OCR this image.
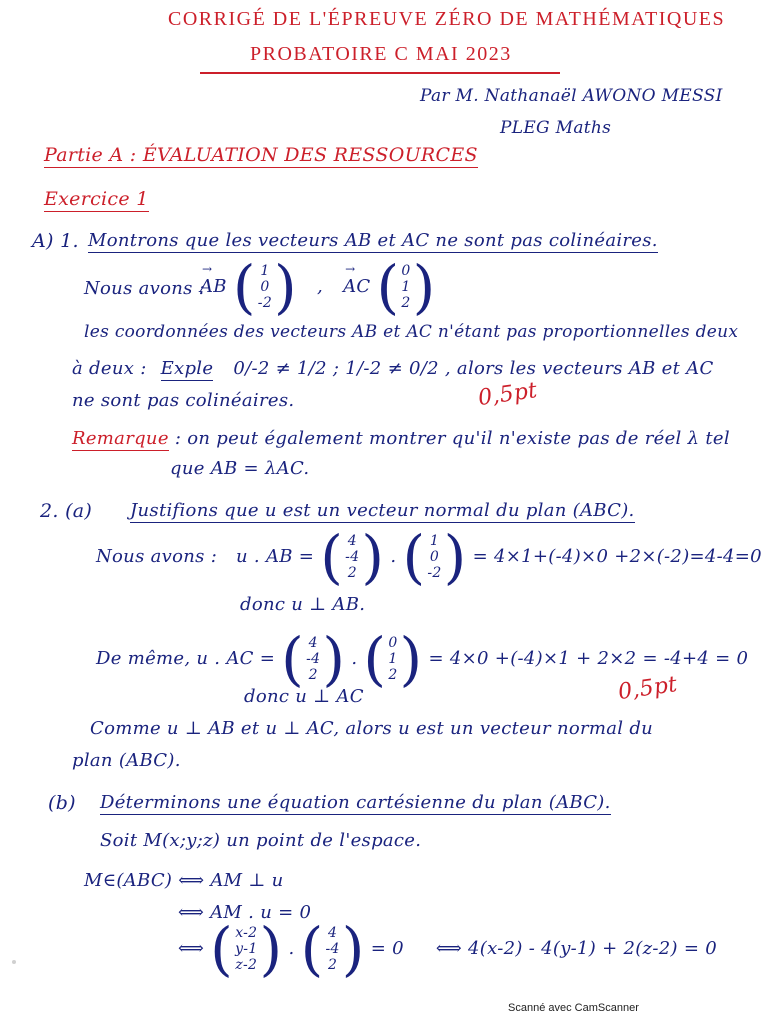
CORRIGÉ DE L'ÉPREUVE ZÉRO DE MATHÉMATIQUES
PROBATOIRE C MAI 2023
Par M. Nathanaël AWONO MESSI
PLEG Maths
Partie A : ÉVALUATION DES RESSOURCES
Exercice 1
A) 1. Montrons que les vecteurs AB et AC ne sont pas colinéaires.
Nous avons :
→ AB ( 1
0
-2 ) , → AC ( 0
1
2 )
les coordonnées des vecteurs AB et AC n'étant pas proportionnelles deux
à deux : Exple 0/-2 ≠ 1/2 ; 1/-2 ≠ 0/2 , alors les vecteurs AB et AC
ne sont pas colinéaires.	0,5pt
Remarque : on peut également montrer qu'il n'existe pas de réel λ tel
que AB = λAC.
2. (a) Justifions que u est un vecteur normal du plan (ABC).
Nous avons : u . AB = ( 4
-4
2 ) . ( 1
0
-2 ) = 4×1+(-4)×0 +2×(-2)=4-4=0
donc u ⊥ AB.
De même, u . AC = ( 4
-4
2 ) . ( 0
1
2 ) = 4×0 +(-4)×1 + 2×2 = -4+4 = 0
donc u ⊥ AC	0,5pt
Comme u ⊥ AB et u ⊥ AC, alors u est un vecteur normal du
plan (ABC).
(b) Déterminons une équation cartésienne du plan (ABC).
Soit M(x;y;z) un point de l'espace.
M∈(ABC) ⟺ AM ⊥ u
⟺ AM . u = 0
⟺ ( x-2
y-1
z-2 ) . ( 4
-4
2 ) = 0 ⟺ 4(x-2) - 4(y-1) + 2(z-2) = 0
Scanné avec CamScanner
